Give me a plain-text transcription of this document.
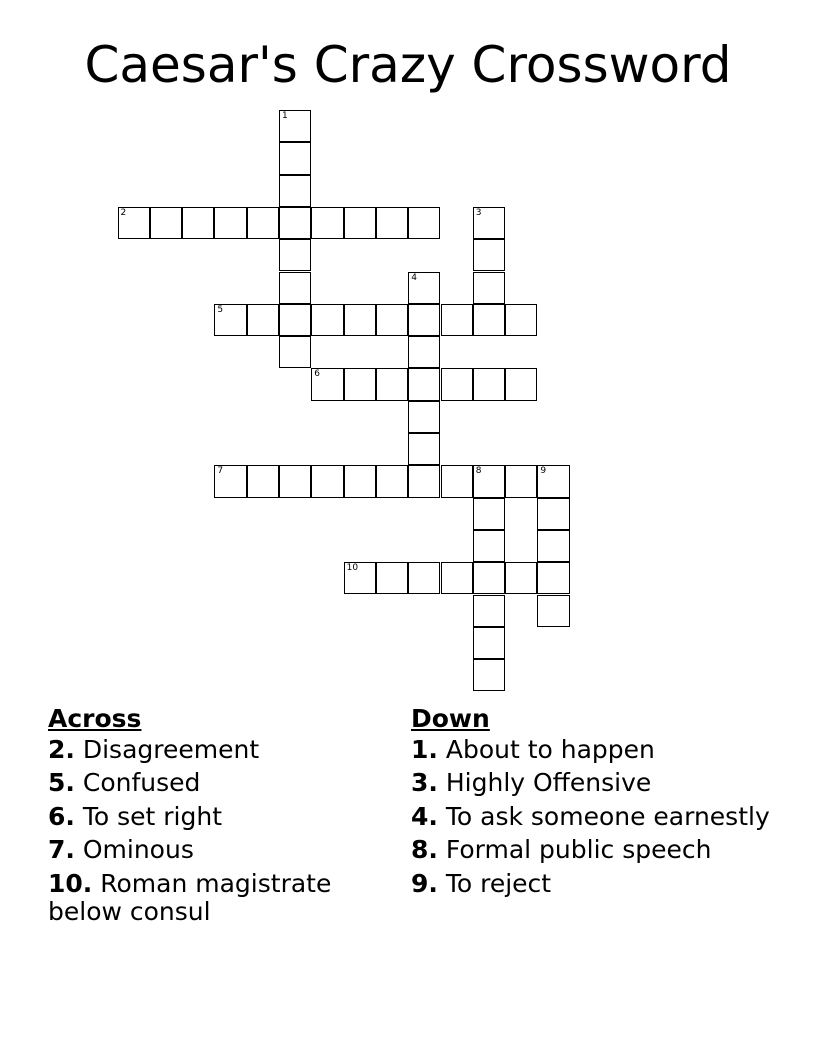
Caesar's Crazy Crossword
1
2	3
4
5
6
7	8	9
10
Across
2. Disagreement
5. Confused
6. To set right
7. Ominous
10. Roman magistrate below consul
Down
1. About to happen
3. Highly Offensive
4. To ask someone earnestly
8. Formal public speech
9. To reject
